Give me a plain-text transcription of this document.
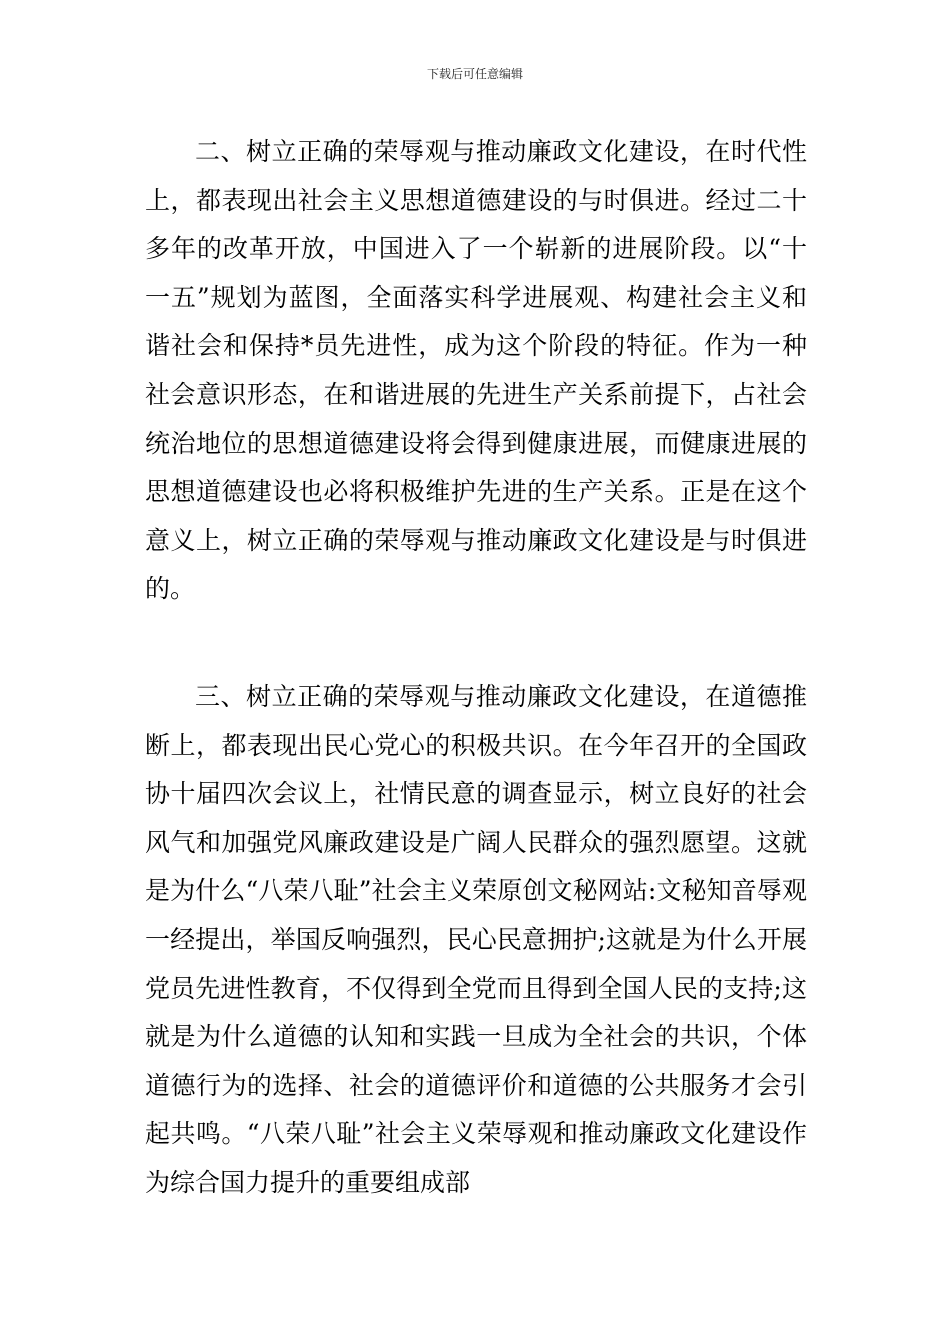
下载后可任意编辑

二、树立正确的荣辱观与推动廉政文化建设，在时代性上，都表现出社会主义思想道德建设的与时俱进。经过二十多年的改革开放，中国进入了一个崭新的进展阶段。以“十一五”规划为蓝图，全面落实科学进展观、构建社会主义和谐社会和保持*员先进性，成为这个阶段的特征。作为一种社会意识形态，在和谐进展的先进生产关系前提下，占社会统治地位的思想道德建设将会得到健康进展，而健康进展的思想道德建设也必将积极维护先进的生产关系。正是在这个意义上，树立正确的荣辱观与推动廉政文化建设是与时俱进的。

三、树立正确的荣辱观与推动廉政文化建设，在道德推断上，都表现出民心党心的积极共识。在今年召开的全国政协十届四次会议上，社情民意的调查显示，树立良好的社会风气和加强党风廉政建设是广阔人民群众的强烈愿望。这就是为什么“八荣八耻”社会主义荣原创文秘网站:文秘知音辱观一经提出，举国反响强烈，民心民意拥护;这就是为什么开展党员先进性教育，不仅得到全党而且得到全国人民的支持;这就是为什么道德的认知和实践一旦成为全社会的共识，个体道德行为的选择、社会的道德评价和道德的公共服务才会引起共鸣。“八荣八耻”社会主义荣辱观和推动廉政文化建设作为综合国力提升的重要组成部
